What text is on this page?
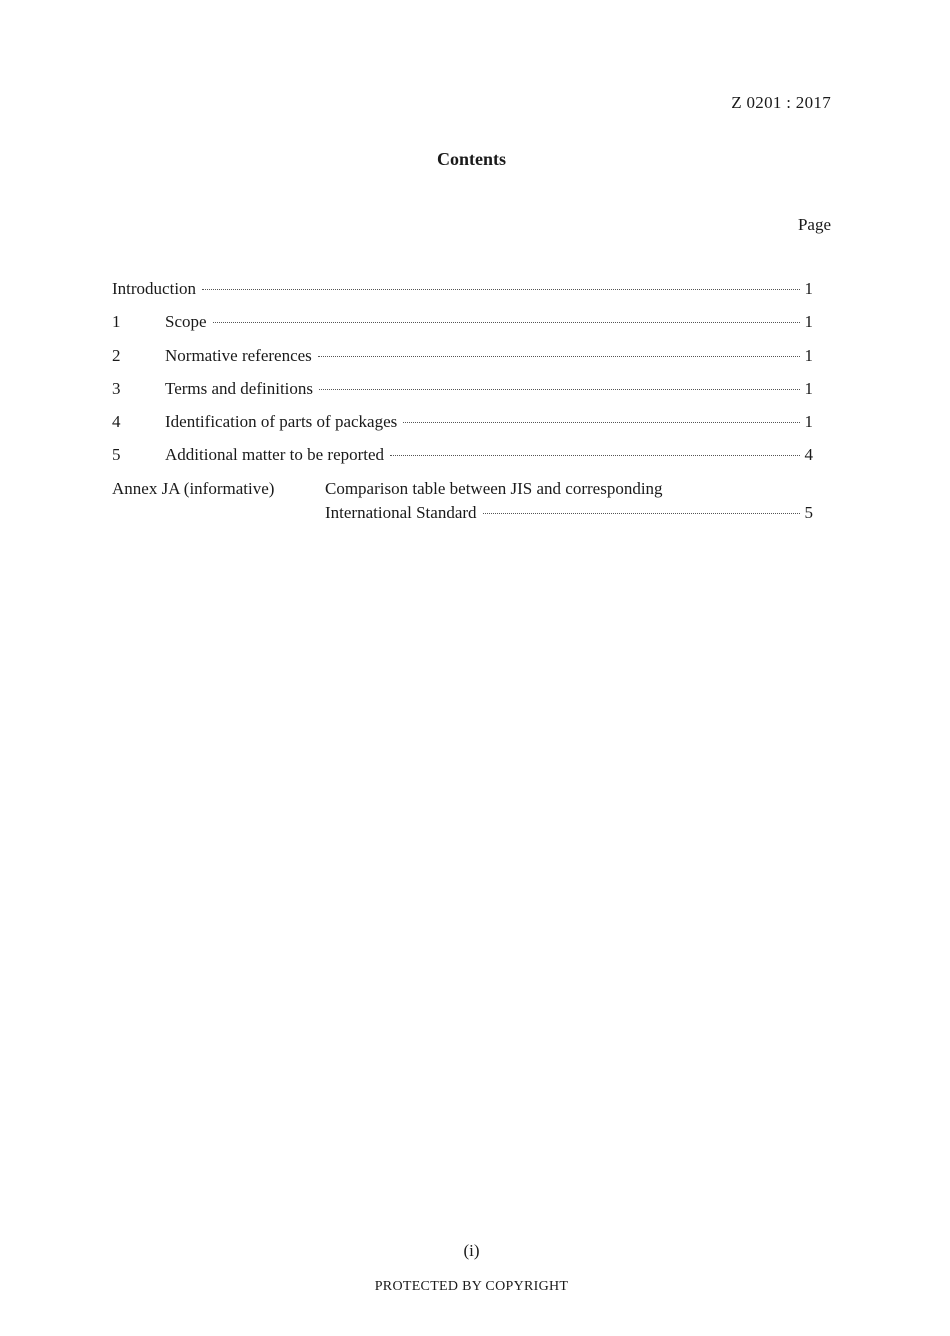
Z 0201 : 2017
Contents
Page
Introduction	1
1	Scope	1
2	Normative references	1
3	Terms and definitions	1
4	Identification of parts of packages	1
5	Additional matter to be reported	4
Annex JA (informative)	Comparison table between JIS and corresponding
International Standard	5
(i)
PROTECTED BY COPYRIGHT
